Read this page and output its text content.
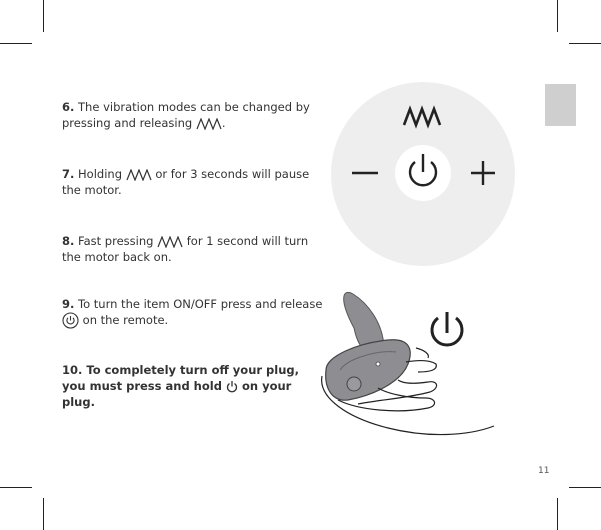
6. The vibration modes can be changed by pressing and releasing	.
7. Holding	or for 3 seconds will pause the motor.
8. Fast pressing	for 1 second will turn the motor back on.
9. To turn the item ON/OFF press and release  on the remote.
10. To completely turn off your plug, you must press and hold on your plug.
11
